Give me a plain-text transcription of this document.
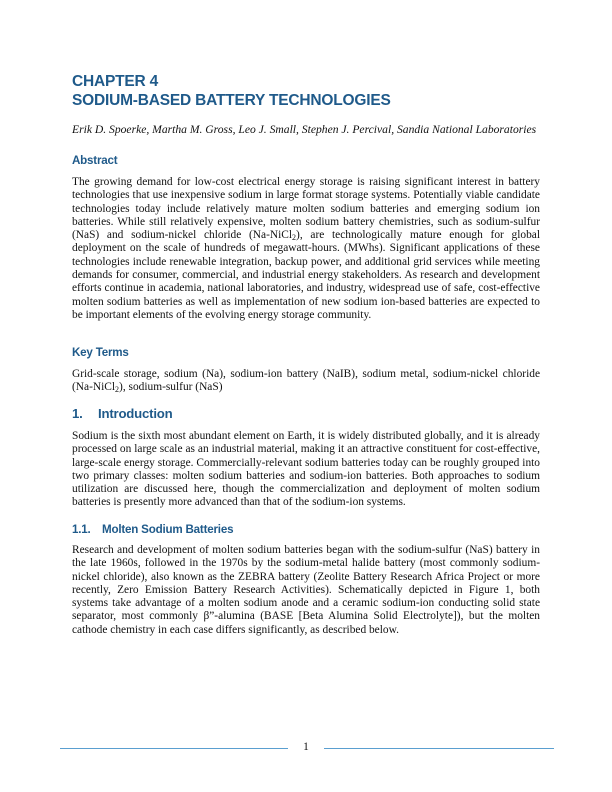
CHAPTER 4
SODIUM-BASED BATTERY TECHNOLOGIES
Erik D. Spoerke, Martha M. Gross, Leo J. Small, Stephen J. Percival, Sandia National Laboratories
Abstract
The growing demand for low-cost electrical energy storage is raising significant interest in battery technologies that use inexpensive sodium in large format storage systems. Potentially viable candidate technologies today include relatively mature molten sodium batteries and emerging sodium ion batteries. While still relatively expensive, molten sodium battery chemistries, such as sodium-sulfur (NaS) and sodium-nickel chloride (Na-NiCl$_2$), are technologically mature enough for global deployment on the scale of hundreds of megawatt-hours. (MWhs). Significant applications of these technologies include renewable integration, backup power, and additional grid services while meeting demands for consumer, commercial, and industrial energy stakeholders. As research and development efforts continue in academia, national laboratories, and industry, widespread use of safe, cost-effective molten sodium batteries as well as implementation of new sodium ion-based batteries are expected to be important elements of the evolving energy storage community.
Key Terms
Grid-scale storage, sodium (Na), sodium-ion battery (NaIB), sodium metal, sodium-nickel chloride (Na-NiCl$_2$), sodium-sulfur (NaS)
1. Introduction
Sodium is the sixth most abundant element on Earth, it is widely distributed globally, and it is already processed on large scale as an industrial material, making it an attractive constituent for cost-effective, large-scale energy storage. Commercially-relevant sodium batteries today can be roughly grouped into two primary classes: molten sodium batteries and sodium-ion batteries. Both approaches to sodium utilization are discussed here, though the commercialization and deployment of molten sodium batteries is presently more advanced than that of the sodium-ion systems.
1.1. Molten Sodium Batteries
Research and development of molten sodium batteries began with the sodium-sulfur (NaS) battery in the late 1960s, followed in the 1970s by the sodium-metal halide battery (most commonly sodium-nickel chloride), also known as the ZEBRA battery (Zeolite Battery Research Africa Project or more recently, Zero Emission Battery Research Activities). Schematically depicted in Figure 1, both systems take advantage of a molten sodium anode and a ceramic sodium-ion conducting solid state separator, most commonly β”-alumina (BASE [Beta Alumina Solid Electrolyte]), but the molten cathode chemistry in each case differs significantly, as described below.
1
